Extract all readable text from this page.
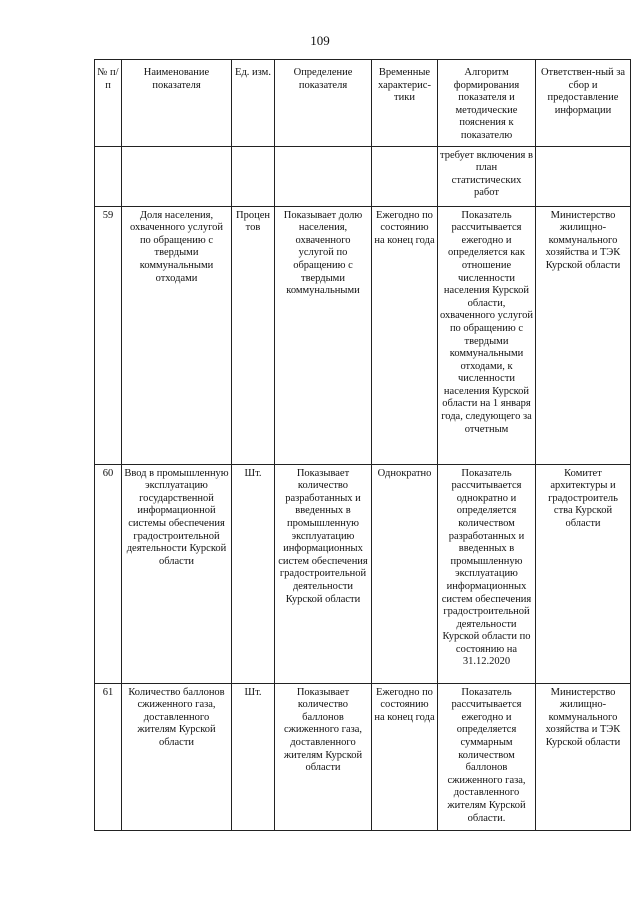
109
№ п/п	Наименование показателя	Ед. изм.	Определение показателя	Временные характерис-тики	Алгоритм формирования показателя и методические пояснения к показателю	Ответствен-ный за сбор и предоставление информации
					требует включения в план статистических работ	
59	Доля населения, охваченного услугой по обращению с твердыми коммунальными отходами	Процен тов	Показывает долю населения, охваченного услугой по обращению с твердыми коммунальными	Ежегодно по состоянию на конец года	Показатель рассчитывается ежегодно и определяется как отношение численности населения Курской области, охваченного услугой по обращению с твердыми коммунальными отходами, к численности населения Курской области на 1 января года, следующего за отчетным	Министерство жилищно-коммунального хозяйства и ТЭК Курской области
60	Ввод в промышленную эксплуатацию государственной информационной системы обеспечения градостроительной деятельности Курской области	Шт.	Показывает количество разработанных и введенных в промышленную эксплуатацию информационных систем обеспечения градостроительной деятельности Курской области	Однократно	Показатель рассчитывается однократно и определяется количеством разработанных и введенных в промышленную эксплуатацию информационных систем обеспечения градостроительной деятельности Курской области по состоянию на 31.12.2020	Комитет архитектуры и градостроитель ства Курской области
61	Количество баллонов сжиженного газа, доставленного жителям Курской области	Шт.	Показывает количество баллонов сжиженного газа, доставленного жителям Курской области	Ежегодно по состоянию на конец года	Показатель рассчитывается ежегодно и определяется суммарным количеством баллонов сжиженного газа, доставленного жителям Курской области.	Министерство жилищно-коммунального хозяйства и ТЭК Курской области
